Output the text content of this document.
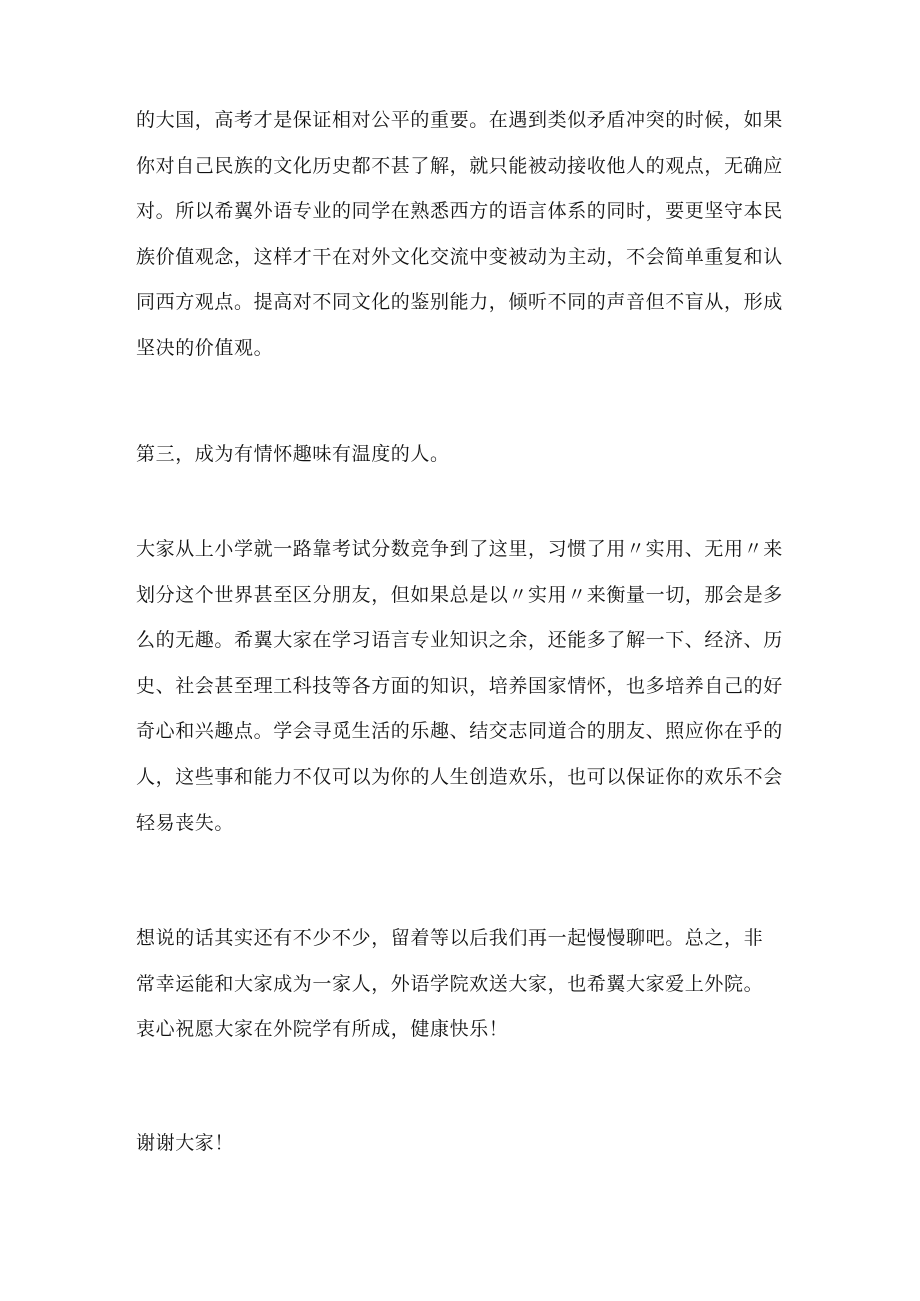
的大国，高考才是保证相对公平的重要。在遇到类似矛盾冲突的时候，如果
你对自己民族的文化历史都不甚了解，就只能被动接收他人的观点，无确应
对。所以希翼外语专业的同学在熟悉西方的语言体系的同时，要更坚守本民
族价值观念，这样才干在对外文化交流中变被动为主动，不会简单重复和认
同西方观点。提高对不同文化的鉴别能力，倾听不同的声音但不盲从，形成
坚决的价值观。

第三，成为有情怀趣味有温度的人。

大家从上小学就一路靠考试分数竞争到了这里，习惯了用〃实用、无用〃来
划分这个世界甚至区分朋友，但如果总是以〃实用〃来衡量一切，那会是多
么的无趣。希翼大家在学习语言专业知识之余，还能多了解一下、经济、历
史、社会甚至理工科技等各方面的知识，培养国家情怀，也多培养自己的好
奇心和兴趣点。学会寻觅生活的乐趣、结交志同道合的朋友、照应你在乎的
人，这些事和能力不仅可以为你的人生创造欢乐，也可以保证你的欢乐不会
轻易丧失。

想说的话其实还有不少不少，留着等以后我们再一起慢慢聊吧。总之，非
常幸运能和大家成为一家人，外语学院欢送大家，也希翼大家爱上外院。
衷心祝愿大家在外院学有所成，健康快乐！

谢谢大家！
